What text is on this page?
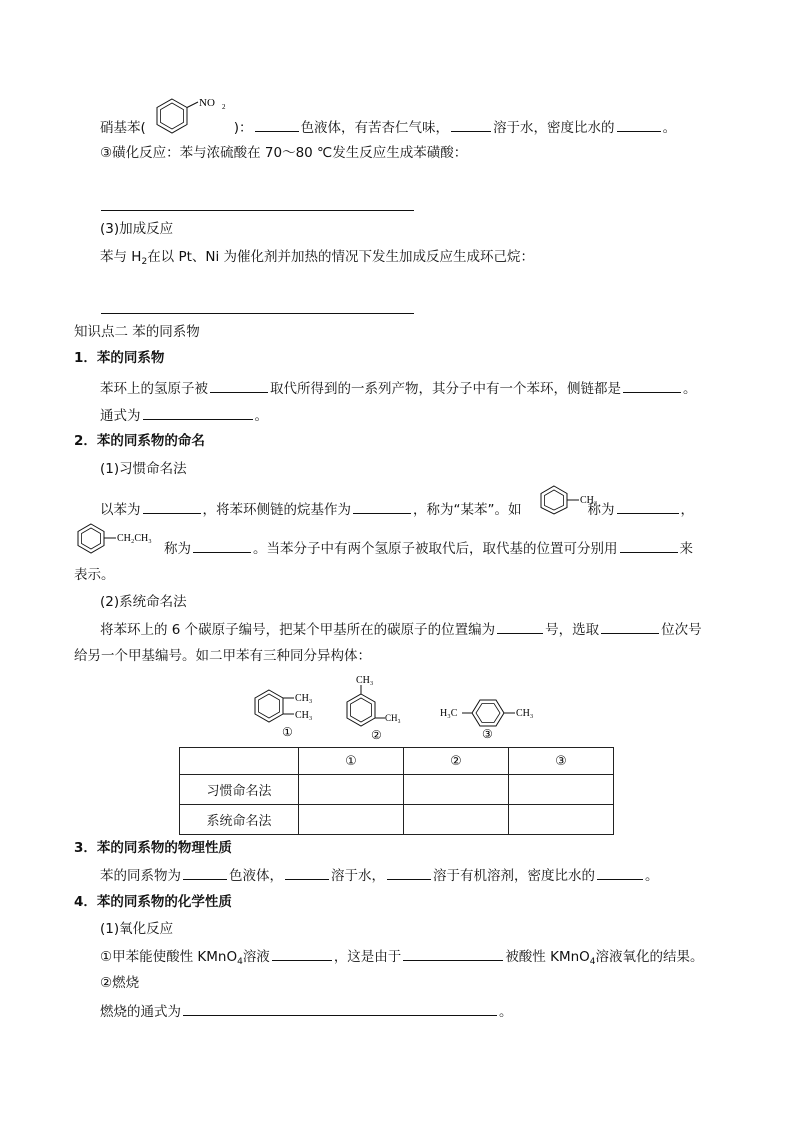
NO 2
硝基苯(	)：	色液体，有苦杏仁气味，	溶于水，密度比水的	。
③磺化反应：苯与浓硫酸在 70～80 ℃发生反应生成苯磺酸：
(3)加成反应
苯与 $H_2$在以 Pt、Ni 为催化剂并加热的情况下发生加成反应生成环己烷：
知识点二 苯的同系物
1．苯的同系物
苯环上的氢原子被	取代所得到的一系列产物，其分子中有一个苯环，侧链都是	。
通式为	。
2．苯的同系物的命名
(1)习惯命名法
CH₃
以苯为	，将苯环侧链的烷基作为	，称为“某苯”。如	称为	，
CH₂CH₃
称为	。当苯分子中有两个氢原子被取代后，取代基的位置可分别用	来
表示。
(2)系统命名法
将苯环上的 6 个碳原子编号，把某个甲基所在的碳原子的位置编为	号，选取	位次号
给另一个甲基编号。如二甲苯有三种同分异构体：
CH₃
CH₃
①
CH₃
CH₃
②
H₃C	CH₃
③
	①	②	③
习惯命名法			
系统命名法			
3．苯的同系物的物理性质
苯的同系物为	色液体，	溶于水，	溶于有机溶剂，密度比水的	。
4．苯的同系物的化学性质
(1)氧化反应
①甲苯能使酸性 KMnO$_4$溶液	，这是由于	被酸性 KMnO$_4$溶液氧化的结果。
②燃烧
燃烧的通式为	。
